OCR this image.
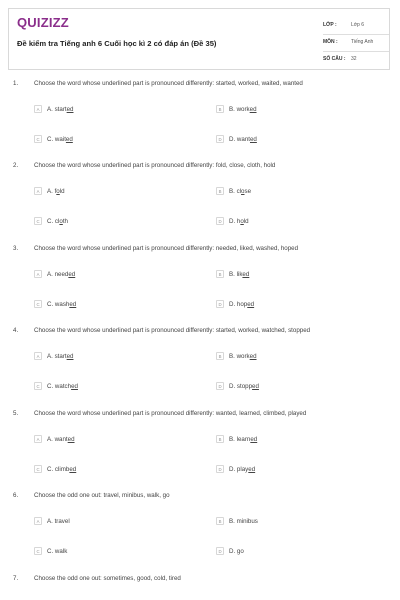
QUIZIZZ
Đề kiểm tra Tiếng anh 6 Cuối học kì 2 có đáp án (Đề 35)
LỚP :	Lớp 6
MÔN :	Tiếng Anh
SỐ CÂU : 32
1.	Choose the word whose underlined part is pronounced differently: started, worked, waited, wanted
A	A. started	B	B. worked
C	C. waited	D	D. wanted
2.	Choose the word whose underlined part is pronounced differently: fold, close, cloth, hold
A	A. fold	B	B. close
C	C. cloth	D	D. hold
3.	Choose the word whose underlined part is pronounced differently: needed, liked, washed, hoped
A	A. needed	B	B. liked
C	C. washed	D	D. hoped
4.	Choose the word whose underlined part is pronounced differently: started, worked, watched, stopped
A	A. started	B	B. worked
C	C. watched	D	D. stopped
5.	Choose the word whose underlined part is pronounced differently: wanted, learned, climbed, played
A	A. wanted	B	B. learned
C	C. climbed	D	D. played
6.	Choose the odd one out: travel, minibus, walk, go
A	A. travel	B	B. minibus
C	C. walk	D	D. go
7.	Choose the odd one out: sometimes, good, cold, tired
